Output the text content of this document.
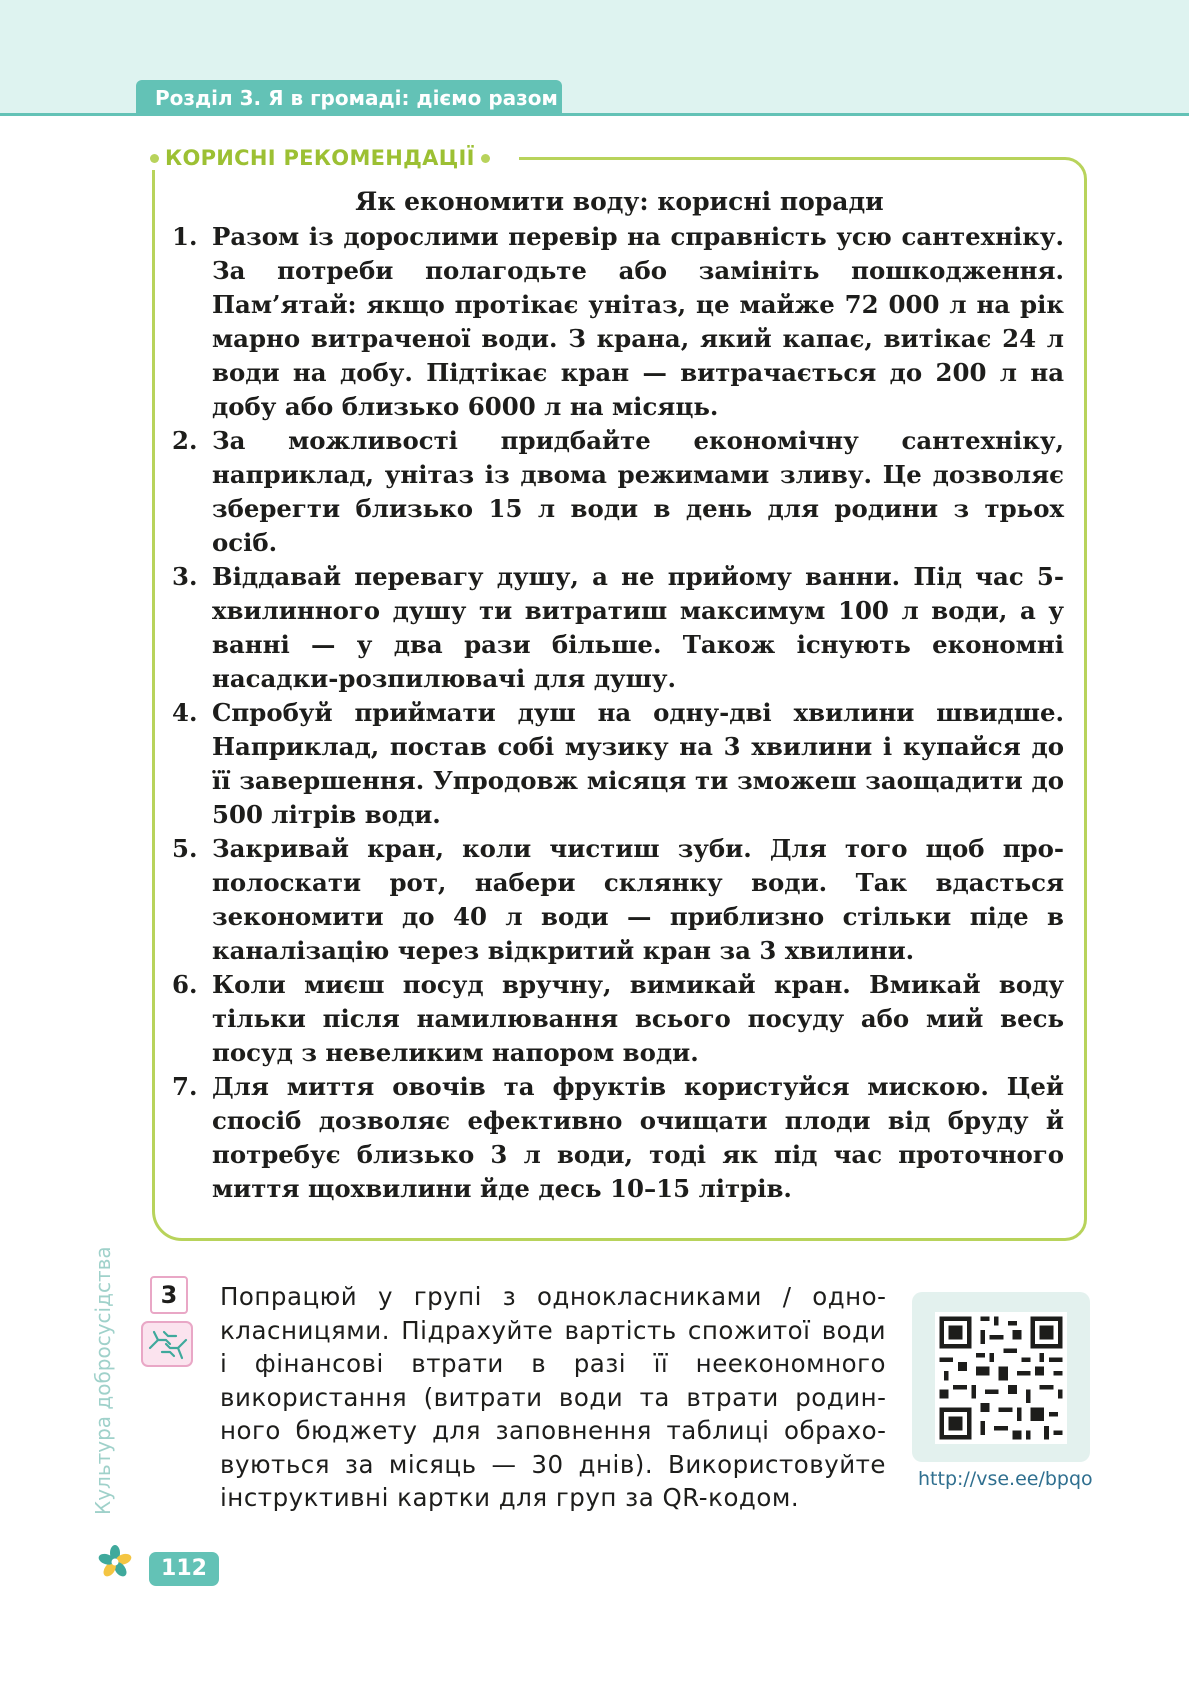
Розділ 3. Я в громаді: діємо разом
КОРИСНІ РЕКОМЕНДАЦІЇ
Як економити воду: корисні поради
1. Разом із дорослими перевір на справність усю сантехніку. За потреби полагодьте або замініть пошкодження. Пам’ятай: якщо протікає унітаз, це майже 72 000 л на рік марно витраченої води. З крана, який капає, витікає 24 л води на добу. Підтікає кран — витрачається до 200 л на добу або близько 6000 л на місяць.
2. За можливості придбайте економічну сантехніку, наприклад, унітаз із двома режимами зливу. Це дозволяє зберегти близько 15 л води в день для родини з трьох осіб.
3. Віддавай перевагу душу, а не прийому ванни. Під час 5-хвилинного душу ти витратиш максимум 100 л води, а у ванні — у два рази більше. Також існують економні насадки-розпилювачі для душу.
4. Спробуй приймати душ на одну-дві хвилини швидше. Наприклад, постав собі музику на 3 хвилини і купайся до її завершення. Упродовж місяця ти зможеш заощадити до 500 літрів води.
5. Закривай кран, коли чистиш зуби. Для того щоб прополоскати рот, набери склянку води. Так вдасться зекономити до 40 л води — приблизно стільки піде в каналізацію через відкритий кран за 3 хвилини.
6. Коли миєш посуд вручну, вимикай кран. Вмикай воду тільки після намилювання всього посуду або мий весь посуд з невеликим напором води.
7. Для миття овочів та фруктів користуйся мискою. Цей спосіб дозволяє ефективно очищати плоди від бруду й потребує близько 3 л води, тоді як під час проточного миття щохвилини йде десь 10–15 літрів.
Культура добросусідства	3	Попрацюй у групі з однокласниками / однокласницями. Підрахуйте вартість спожитої води і фінансові втрати в разі її неекономного використання (витрати води та втрати родинного бюджету для заповнення таблиці обраховуються за місяць — 30 днів). Використовуйте інструктивні картки для груп за QR-кодом.
http://vse.ee/bpqo
112
